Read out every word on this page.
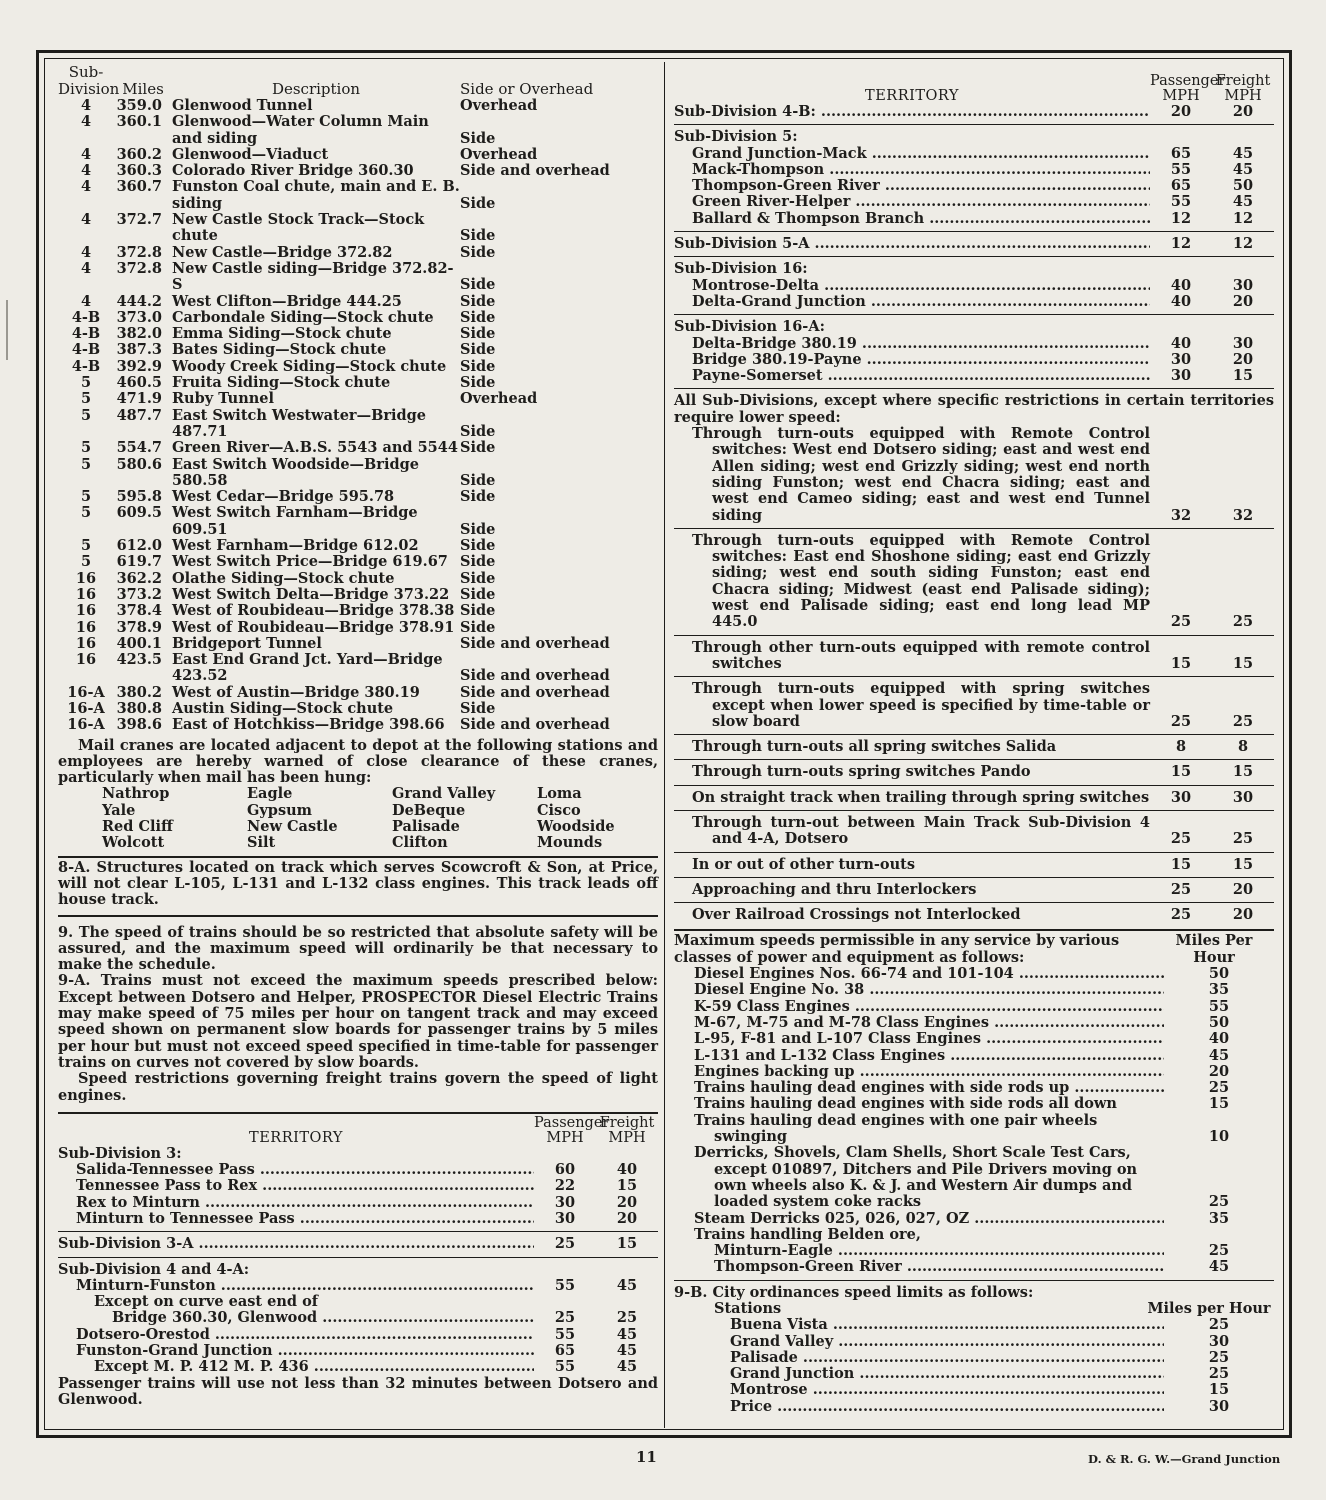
Sub-
Division Miles	Description	Side or Overhead
4	359.0 Glenwood Tunnel	Overhead
4	360.1 Glenwood—Water Column Main
and siding	Side
4	360.2 Glenwood—Viaduct	Overhead
4	360.3 Colorado River Bridge 360.30	Side and overhead
4	360.7 Funston Coal chute, main and E. B.
siding	Side
4	372.7 New Castle Stock Track—Stock
chute	Side
4	372.8 New Castle—Bridge 372.82	Side
4	372.8 New Castle siding—Bridge 372.82-S	Side
4	444.2 West Clifton—Bridge 444.25	Side
4-B	373.0 Carbondale Siding—Stock chute	Side
4-B	382.0 Emma Siding—Stock chute	Side
4-B	387.3 Bates Siding—Stock chute	Side
4-B	392.9 Woody Creek Siding—Stock chute Side
5	460.5 Fruita Siding—Stock chute	Side
5	471.9 Ruby Tunnel	Overhead
5	487.7 East Switch Westwater—Bridge
487.71	Side
5	554.7 Green River—A.B.S. 5543 and 5544 Side
5	580.6 East Switch Woodside—Bridge
580.58	Side
5	595.8 West Cedar—Bridge 595.78	Side
5	609.5 West Switch Farnham—Bridge
609.51	Side
5	612.0 West Farnham—Bridge 612.02	Side
5	619.7 West Switch Price—Bridge 619.67 Side
16	362.2 Olathe Siding—Stock chute	Side
16	373.2 West Switch Delta—Bridge 373.22 Side
16	378.4 West of Roubideau—Bridge 378.38 Side
16	378.9 West of Roubideau—Bridge 378.91 Side
16	400.1 Bridgeport Tunnel	Side and overhead
16	423.5 East End Grand Jct. Yard—Bridge
423.52	Side and overhead
16-A 380.2 West of Austin—Bridge 380.19	Side and overhead
16-A 380.8 Austin Siding—Stock chute	Side
16-A 398.6 East of Hotchkiss—Bridge 398.66	Side and overhead

Mail cranes are located adjacent to depot at the following stations and employees are hereby warned of close clearance of these cranes, particularly when mail has been hung:

Nathrop	Eagle	Grand Valley	Loma
Yale	Gypsum	DeBeque	Cisco
Red Cliff	New Castle	Palisade	Woodside
Wolcott	Silt	Clifton	Mounds

8-A. Structures located on track which serves Scowcroft & Son, at Price, will not clear L-105, L-131 and L-132 class engines. This track leads off house track.

9. The speed of trains should be so restricted that absolute safety will be assured, and the maximum speed will ordinarily be that necessary to make the schedule.

9-A. Trains must not exceed the maximum speeds prescribed below: Except between Dotsero and Helper, PROSPECTOR Diesel Electric Trains may make speed of 75 miles per hour on tangent track and may exceed speed shown on permanent slow boards for passenger trains by 5 miles per hour but must not exceed speed specified in time-table for passenger trains on curves not covered by slow boards.

Speed restrictions governing freight trains govern the speed of light engines.

TERRITORY
Passenger
MPH
Freight
MPH
Sub-Division 3:
Salida-Tennessee Pass .....	60	40
Tennessee Pass to Rex .....	22	15
Rex to Minturn .....	30	20
Minturn to Tennessee Pass .....	30	20
Sub-Division 3-A .....	25	15
Sub-Division 4 and 4-A:
Minturn-Funston .....	55	45
Except on curve east end of
Bridge 360.30, Glenwood .....	25	25
Dotsero-Orestod .....	55	45
Funston-Grand Junction .....	65	45
Except M. P. 412 M. P. 436 .....	55	45

Passenger trains will use not less than 32 minutes between Dotsero and Glenwood.

TERRITORY
Passenger
MPH
Freight
MPH
Sub-Division 4-B: .....	20	20
Sub-Division 5:
Grand Junction-Mack .....	65	45
Mack-Thompson .....	55	45
Thompson-Green River .....	65	50
Green River-Helper .....	55	45
Ballard & Thompson Branch .....	12	12
Sub-Division 5-A .....	12	12
Sub-Division 16:
Montrose-Delta .....	40	30
Delta-Grand Junction .....	40	20
Sub-Division 16-A:
Delta-Bridge 380.19 .....	40	30
Bridge 380.19-Payne .....	30	20
Payne-Somerset .....	30	15

All Sub-Divisions, except where specific restrictions in certain territories require lower speed:

Through turn-outs equipped with Remote Control switches: West end Dotsero siding; east and west end Allen siding; west end Grizzly siding; west end north siding Funston; west end Chacra siding; east and west end Cameo siding; east and west end Tunnel siding	32	32
Through turn-outs equipped with Remote Control switches: East end Shoshone siding; east end Grizzly siding; west end south siding Funston; east end Chacra siding; Midwest (east end Palisade siding); west end Palisade siding; east end long lead MP 445.0	25	25
Through other turn-outs equipped with remote control switches	15	15
Through turn-outs equipped with spring switches except when lower speed is specified by time-table or slow board	25	25
Through turn-outs all spring switches Salida	8	8
Through turn-outs spring switches Pando	15	15
On straight track when trailing through spring switches	30	30
Through turn-out between Main Track Sub-Division 4 and 4-A, Dotsero	25	25
In or out of other turn-outs	15	15
Approaching and thru Interlockers	25	20
Over Railroad Crossings not Interlocked	25	20
Maximum speeds permissible in any service by various classes of power and equipment as follows:
Miles Per Hour
Diesel Engines Nos. 66-74 and 101-104 .....	50
Diesel Engine No. 38 .....	35
K-59 Class Engines .....	55
M-67, M-75 and M-78 Class Engines .....	50
L-95, F-81 and L-107 Class Engines .....	40
L-131 and L-132 Class Engines .....	45
Engines backing up .....	20
Trains hauling dead engines with side rods up .....	25
Trains hauling dead engines with side rods all down	15
Trains hauling dead engines with one pair wheels swinging	10
Derricks, Shovels, Clam Shells, Short Scale Test Cars, except 010897, Ditchers and Pile Drivers moving on own wheels also K. & J. and Western Air dumps and loaded system coke racks	25
Steam Derricks 025, 026, 027, OZ .....	35
Trains handling Belden ore,
Minturn-Eagle .....	25
Thompson-Green River .....	45
9-B. City ordinances speed limits as follows:
Stations	Miles per Hour
Buena Vista .....	25
Grand Valley .....	30
Palisade .....	25
Grand Junction .....	25
Montrose .....	15
Price .....	30
11	D. & R. G. W.—Grand Junction
